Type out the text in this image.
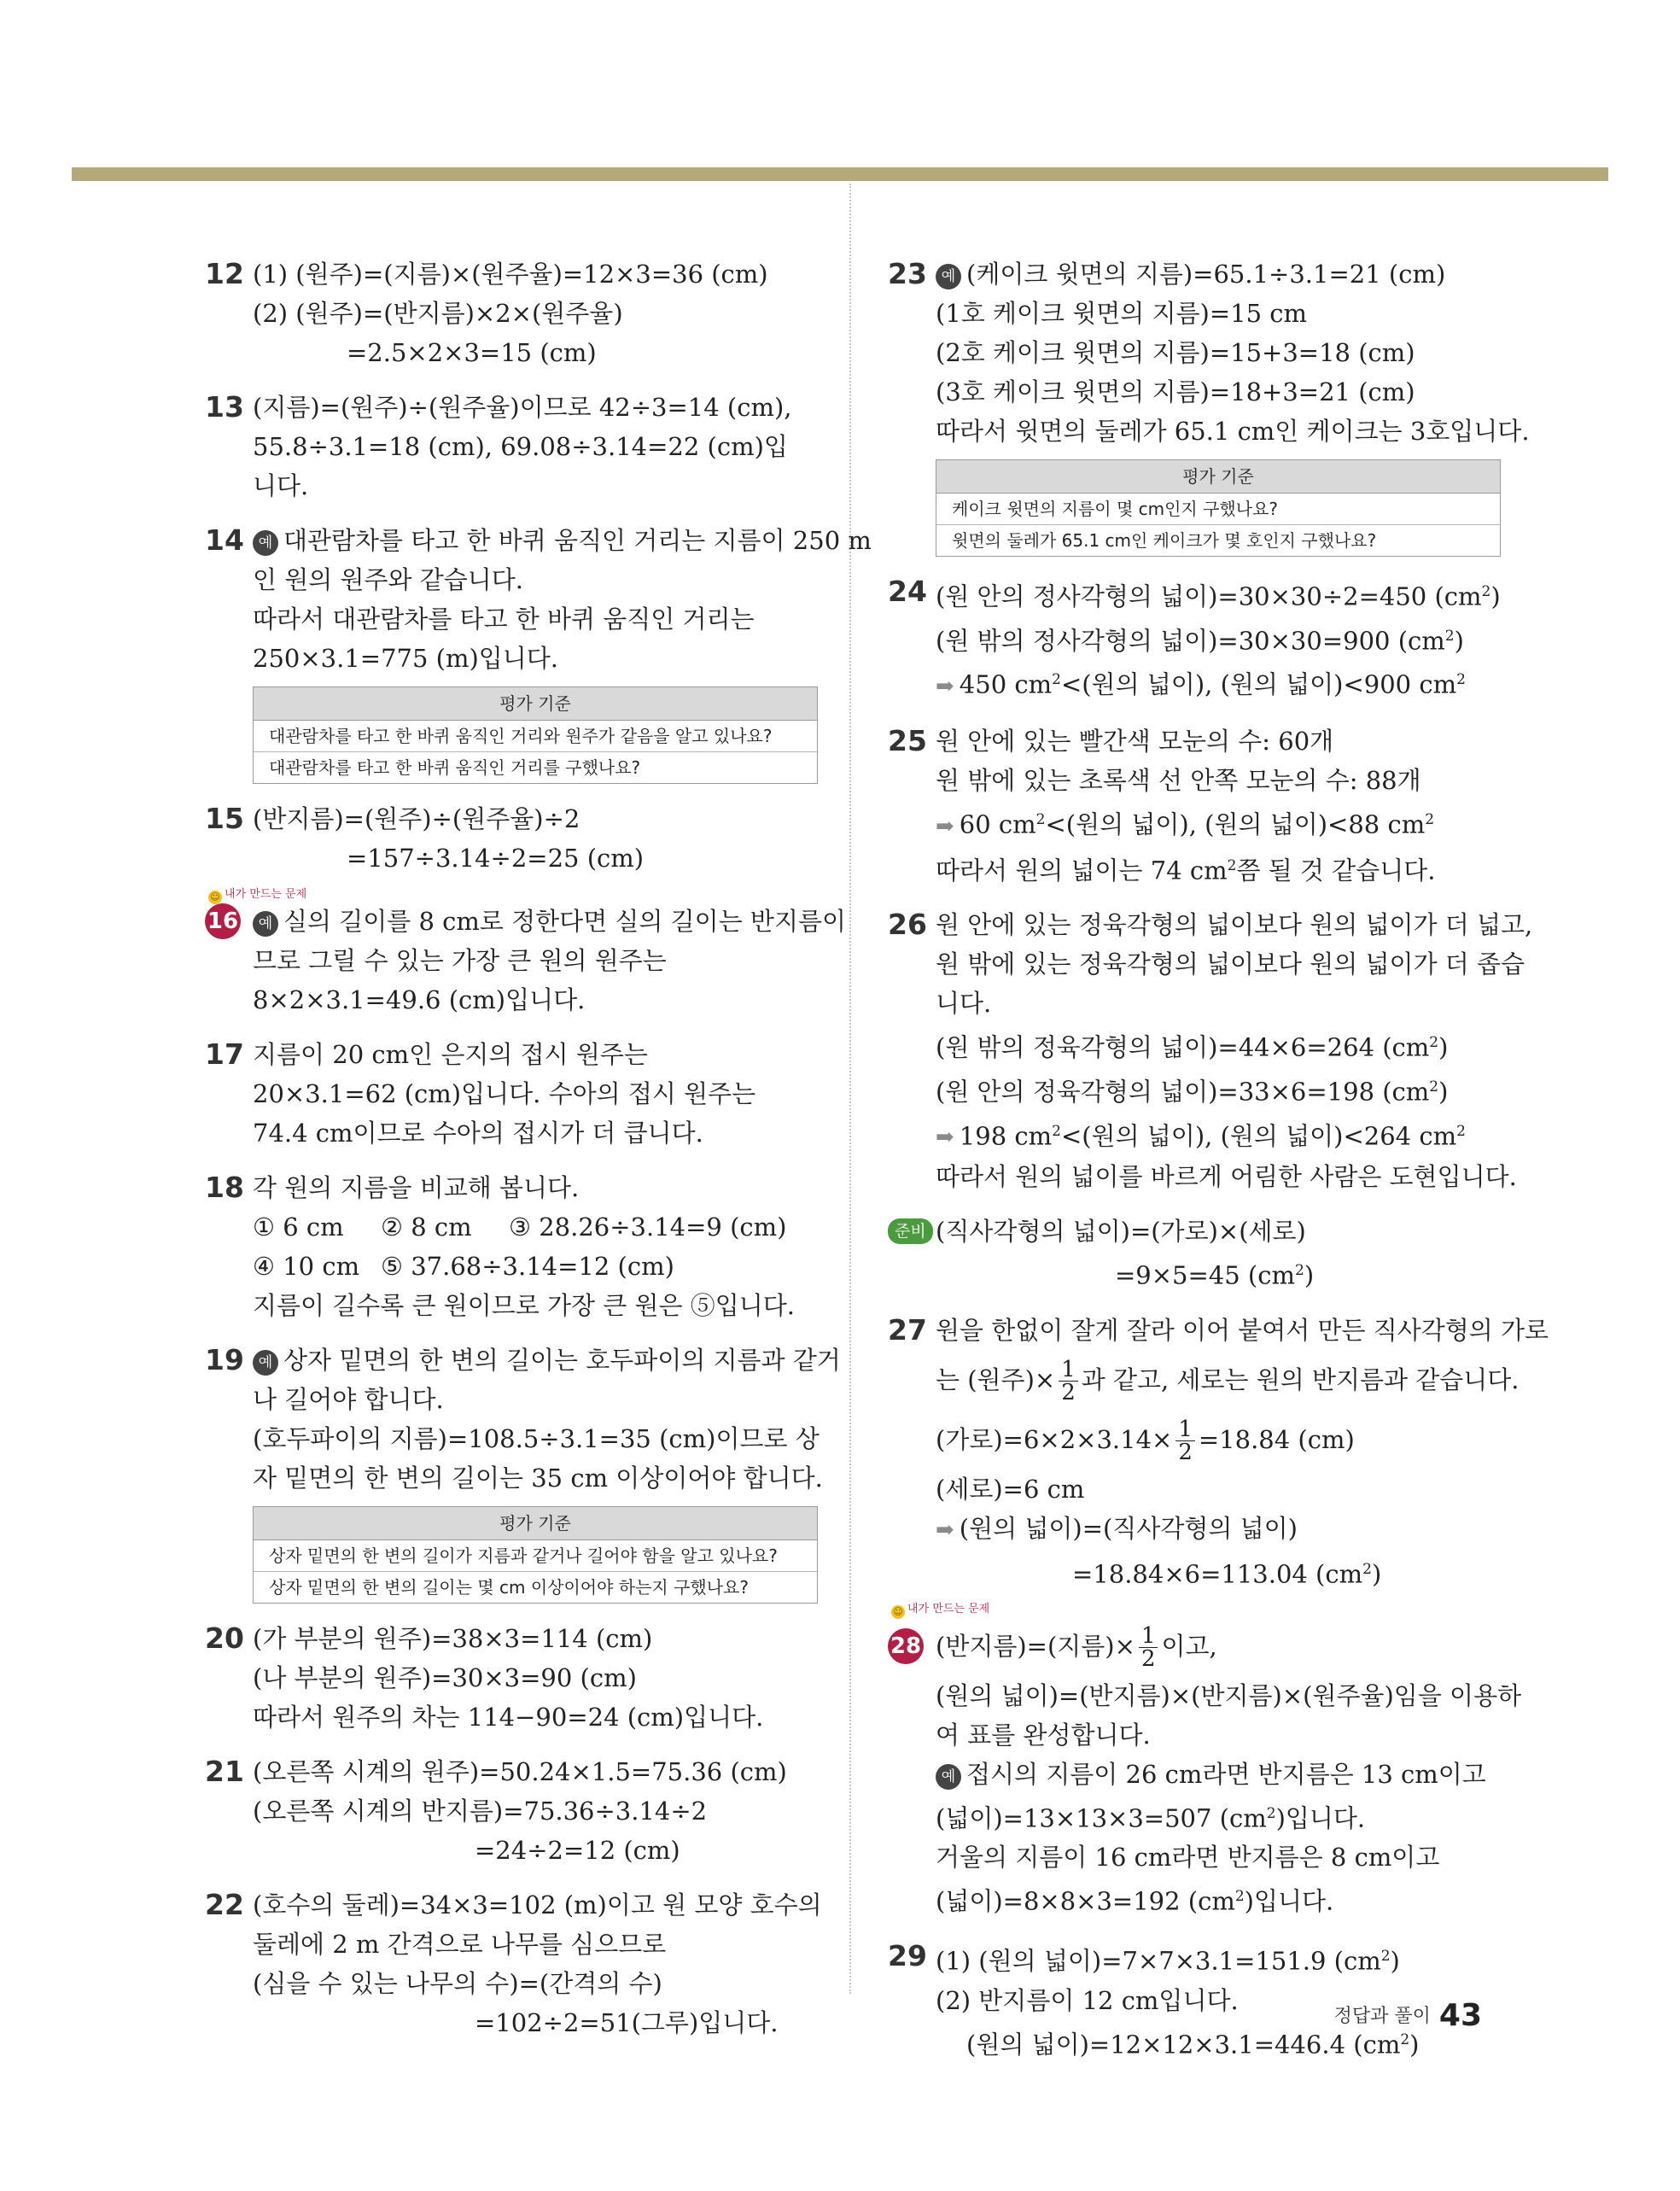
12 (1) (원주)=(지름)×(원주율)=12×3=36 (cm)
(2) (원주)=(반지름)×2×(원주율)
=2.5×2×3=15 (cm)
13 (지름)=(원주)÷(원주율)이므로 42÷3=14 (cm),
55.8÷3.1=18 (cm), 69.08÷3.14=22 (cm)입
니다.
14 예 대관람차를 타고 한 바퀴 움직인 거리는 지름이 250 m
인 원의 원주와 같습니다.
따라서 대관람차를 타고 한 바퀴 움직인 거리는
250×3.1=775 (m)입니다.
평가 기준
대관람차를 타고 한 바퀴 움직인 거리와 원주가 같음을 알고 있나요?
대관람차를 타고 한 바퀴 움직인 거리를 구했나요?
15 (반지름)=(원주)÷(원주율)÷2
=157÷3.14÷2=25 (cm)
☺ 내가 만드는 문제
16	예 실의 길이를 8 cm로 정한다면 실의 길이는 반지름이
므로 그릴 수 있는 가장 큰 원의 원주는
8×2×3.1=49.6 (cm)입니다.
17 지름이 20 cm인 은지의 접시 원주는
20×3.1=62 (cm)입니다. 수아의 접시 원주는
74.4 cm이므로 수아의 접시가 더 큽니다.
18 각 원의 지름을 비교해 봅니다.
① 6 cm ② 8 cm ③ 28.26÷3.14=9 (cm)
④ 10 cm ⑤ 37.68÷3.14=12 (cm)
지름이 길수록 큰 원이므로 가장 큰 원은 ⑤입니다.
19 예 상자 밑면의 한 변의 길이는 호두파이의 지름과 같거
나 길어야 합니다.
(호두파이의 지름)=108.5÷3.1=35 (cm)이므로 상
자 밑면의 한 변의 길이는 35 cm 이상이어야 합니다.
평가 기준
상자 밑면의 한 변의 길이가 지름과 같거나 길어야 함을 알고 있나요?
상자 밑면의 한 변의 길이는 몇 cm 이상이어야 하는지 구했나요?
20 (가 부분의 원주)=38×3=114 (cm)
(나 부분의 원주)=30×3=90 (cm)
따라서 원주의 차는 114−90=24 (cm)입니다.
21 (오른쪽 시계의 원주)=50.24×1.5=75.36 (cm)
(오른쪽 시계의 반지름)=75.36÷3.14÷2
=24÷2=12 (cm)
22 (호수의 둘레)=34×3=102 (m)이고 원 모양 호수의
둘레에 2 m 간격으로 나무를 심으므로
(심을 수 있는 나무의 수)=(간격의 수)
=102÷2=51(그루)입니다.
23 예 (케이크 윗면의 지름)=65.1÷3.1=21 (cm)
(1호 케이크 윗면의 지름)=15 cm
(2호 케이크 윗면의 지름)=15+3=18 (cm)
(3호 케이크 윗면의 지름)=18+3=21 (cm)
따라서 윗면의 둘레가 65.1 cm인 케이크는 3호입니다.
평가 기준
케이크 윗면의 지름이 몇 cm인지 구했나요?
윗면의 둘레가 65.1 cm인 케이크가 몇 호인지 구했나요?
24 (원 안의 정사각형의 넓이)=30×30÷2=450 $(cm^2)$
(원 밖의 정사각형의 넓이)=30×30=900 $(cm^2)$
➡ 450 $cm^2<$(원의 넓이), (원의 넓이)<900 $cm^2$
25 원 안에 있는 빨간색 모눈의 수: 60개
원 밖에 있는 초록색 선 안쪽 모눈의 수: 88개
➡ 60 $cm^2<$(원의 넓이), (원의 넓이)<88 $cm^2$
따라서 원의 넓이는 74 $cm^2$쯤 될 것 같습니다.
26 원 안에 있는 정육각형의 넓이보다 원의 넓이가 더 넓고,
원 밖에 있는 정육각형의 넓이보다 원의 넓이가 더 좁습
니다.
(원 밖의 정육각형의 넓이)=44×6=264 $(cm^2)$
(원 안의 정육각형의 넓이)=33×6=198 $(cm^2)$
➡ 198 $cm^2<$(원의 넓이), (원의 넓이)<264 $cm^2$
따라서 원의 넓이를 바르게 어림한 사람은 도현입니다.
준비 (직사각형의 넓이)=(가로)×(세로)
=9×5=45 $(cm^2)$
27 원을 한없이 잘게 잘라 이어 붙여서 만든 직사각형의 가로
는 (원주)× $\frac{1}{2}$ 과 같고, 세로는 원의 반지름과 같습니다.
(가로)$=6\times 2\times 3.14\times \frac{1}{2} =18.84$ (cm)
(세로)=6 cm
➡ (원의 넓이)=(직사각형의 넓이)
=18.84×6=113.04 $(cm^2)$
☺ 내가 만드는 문제
28 (반지름)=(지름)× $\frac{1}{2}$ 이고,
(원의 넓이)=(반지름)×(반지름)×(원주율)임을 이용하
여 표를 완성합니다.
예 접시의 지름이 26 cm라면 반지름은 13 cm이고
(넓이)=13×13×3=507 $(cm^2)$입니다.
거울의 지름이 16 cm라면 반지름은 8 cm이고
(넓이)=8×8×3=192 $(cm^2)$입니다.
29 (1) (원의 넓이)=7×7×3.1=151.9 $(cm^2)$
(2) 반지름이 12 cm입니다.
(원의 넓이)=12×12×3.1=446.4 $(cm^2)$
정답과 풀이 43
